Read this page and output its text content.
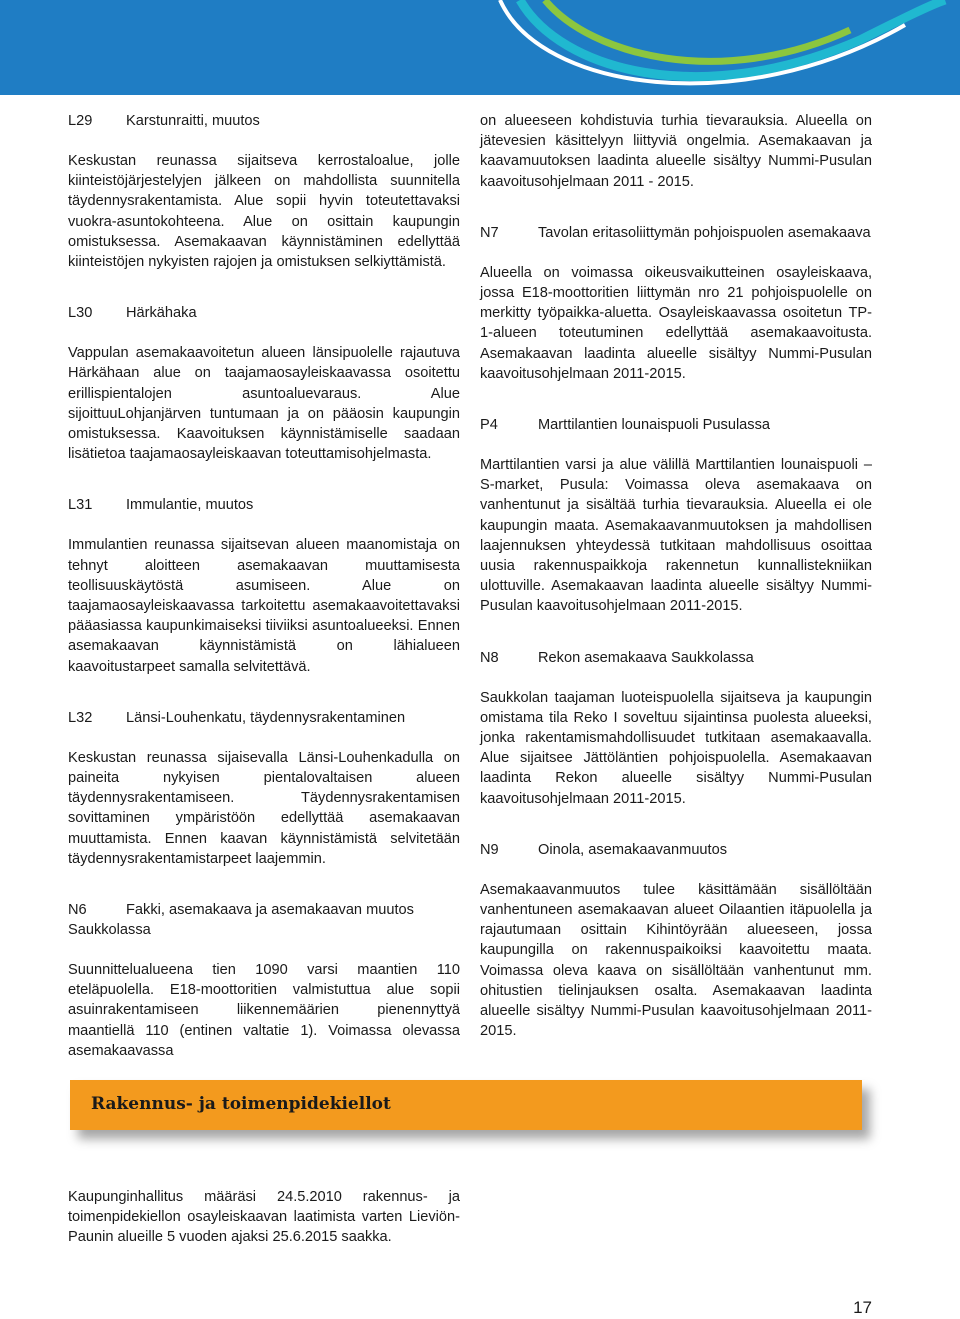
L29	Karstunraitti, muutos

Keskustan reunassa sijaitseva kerrostaloalue, jolle kiinteistöjärjestelyjen jälkeen on mahdollista suunnitella täydennysrakentamista. Alue sopii hyvin toteutettavaksi vuokra-asuntokohteena. Alue on osittain kaupungin omistuksessa. Asemakaavan käynnistäminen edellyttää kiinteistöjen nykyisten rajojen ja omistuksen selkiyttämistä.

L30	Härkähaka

Vappulan asemakaavoitetun alueen länsipuolelle rajautuva Härkähaan alue on taajamaosayleiskaavassa osoitettu erillispientalojen asuntoaluevaraus. Alue sijoittuuLohjanjärven tuntumaan ja on pääosin kaupungin omistuksessa. Kaavoituksen käynnistämiselle saadaan lisätietoa taajamaosayleiskaavan toteuttamisohjelmasta.

L31	Immulantie, muutos

Immulantien reunassa sijaitsevan alueen maanomistaja on tehnyt aloitteen asemakaavan muuttamisesta teollisuuskäytöstä asumiseen. Alue on taajamaosayleiskaavassa tarkoitettu asemakaavoitettavaksi pääasiassa kaupunkimaiseksi tiiviiksi asuntoalueeksi. Ennen asemakaavan käynnistämistä on lähialueen kaavoitustarpeet samalla selvitettävä.

L32	Länsi-Louhenkatu, täydennysrakentaminen

Keskustan reunassa sijaisevalla Länsi-Louhenkadulla on paineita nykyisen pientalovaltaisen alueen täydennysrakentamiseen. Täydennysrakentamisen sovittaminen ympäristöön edellyttää asemakaavan muuttamista. Ennen kaavan käynnistämistä selvitetään täydennysrakentamistarpeet laajemmin.

N6	Fakki, asemakaava ja asemakaavan muutos Saukkolassa

Suunnittelualueena tien 1090 varsi maantien 110 eteläpuolella. E18-moottoritien valmistuttua alue sopii asuinrakentamiseen liikennemäärien pienennyttyä maantiellä 110 (entinen valtatie 1). Voimassa olevassa asemakaavassa

on alueeseen kohdistuvia turhia tievarauksia. Alueella on jätevesien käsittelyyn liittyviä ongelmia. Asemakaavan ja kaavamuutoksen laadinta alueelle sisältyy Nummi-Pusulan kaavoitusohjelmaan 2011 - 2015.

N7	Tavolan eritasoliittymän pohjoispuolen asemakaava

Alueella on voimassa oikeusvaikutteinen osayleiskaava, jossa E18-moottoritien liittymän nro 21 pohjoispuolelle on merkitty työpaikka-aluetta. Osayleiskaavassa osoitetun TP-1-alueen toteutuminen edellyttää asemakaavoitusta. Asemakaavan laadinta alueelle sisältyy Nummi-Pusulan kaavoitusohjelmaan 2011-2015.

P4	Marttilantien lounaispuoli Pusulassa

Marttilantien varsi ja alue välillä Marttilantien lounaispuoli – S-market, Pusula: Voimassa oleva asemakaava on vanhentunut ja sisältää turhia tievarauksia. Alueella ei ole kaupungin maata. Asemakaavanmuutoksen ja mahdollisen laajennuksen yhteydessä tutkitaan mahdollisuus osoittaa uusia rakennuspaikkoja rakennetun kunnallistekniikan ulottuville. Asemakaavan laadinta alueelle sisältyy Nummi-Pusulan kaavoitusohjelmaan 2011-2015.

N8	Rekon asemakaava Saukkolassa

Saukkolan taajaman luoteispuolella sijaitseva ja kaupungin omistama tila Reko I soveltuu sijaintinsa puolesta alueeksi, jonka rakentamismahdollisuudet tutkitaan asemakaavalla. Alue sijaitsee Jättöläntien pohjoispuolella. Asemakaavan laadinta Rekon alueelle sisältyy Nummi-Pusulan kaavoitusohjelmaan 2011-2015.

N9	Oinola, asemakaavanmuutos

Asemakaavanmuutos tulee käsittämään sisällöltään vanhentuneen asemakaavan alueet Oilaantien itäpuolella ja rajautumaan osittain Kihintöyrään alueeseen, jossa kaupungilla on rakennuspaikoiksi kaavoitettu maata. Voimassa oleva kaava on sisällöltään vanhentunut mm. ohitustien tielinjauksen osalta. Asemakaavan laadinta alueelle sisältyy Nummi-Pusulan kaavoitusohjelmaan 2011-2015.

Rakennus- ja toimenpidekiellot

Kaupunginhallitus määräsi 24.5.2010 rakennus- ja toimenpidekiellon osayleiskaavan laatimista varten Lieviön-Paunin alueille 5 vuoden ajaksi 25.6.2015 saakka.

17
